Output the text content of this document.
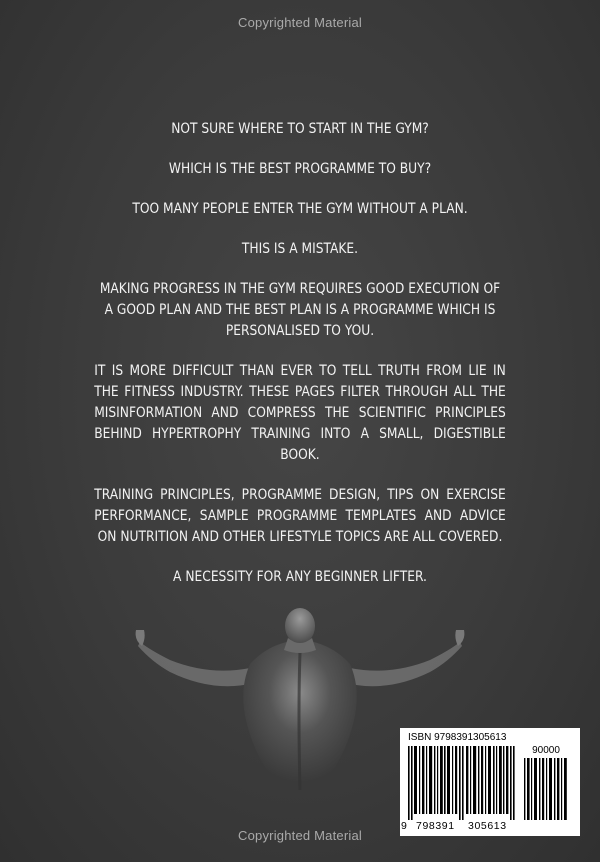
Copyrighted Material

NOT SURE WHERE TO START IN THE GYM?

WHICH IS THE BEST PROGRAMME TO BUY?

TOO MANY PEOPLE ENTER THE GYM WITHOUT A PLAN.

THIS IS A MISTAKE.

MAKING PROGRESS IN THE GYM REQUIRES GOOD EXECUTION OF A GOOD PLAN AND THE BEST PLAN IS A PROGRAMME WHICH IS PERSONALISED TO YOU.

IT IS MORE DIFFICULT THAN EVER TO TELL TRUTH FROM LIE IN THE FITNESS INDUSTRY. THESE PAGES FILTER THROUGH ALL THE MISINFORMATION AND COMPRESS THE SCIENTIFIC PRINCIPLES BEHIND HYPERTROPHY TRAINING INTO A SMALL, DIGESTIBLE BOOK.

TRAINING PRINCIPLES, PROGRAMME DESIGN, TIPS ON EXERCISE PERFORMANCE, SAMPLE PROGRAMME TEMPLATES AND ADVICE ON NUTRITION AND OTHER LIFESTYLE TOPICS ARE ALL COVERED.

A NECESSITY FOR ANY BEGINNER LIFTER.

ISBN 9798391305613
90000
9 798391 305613
Copyrighted Material
